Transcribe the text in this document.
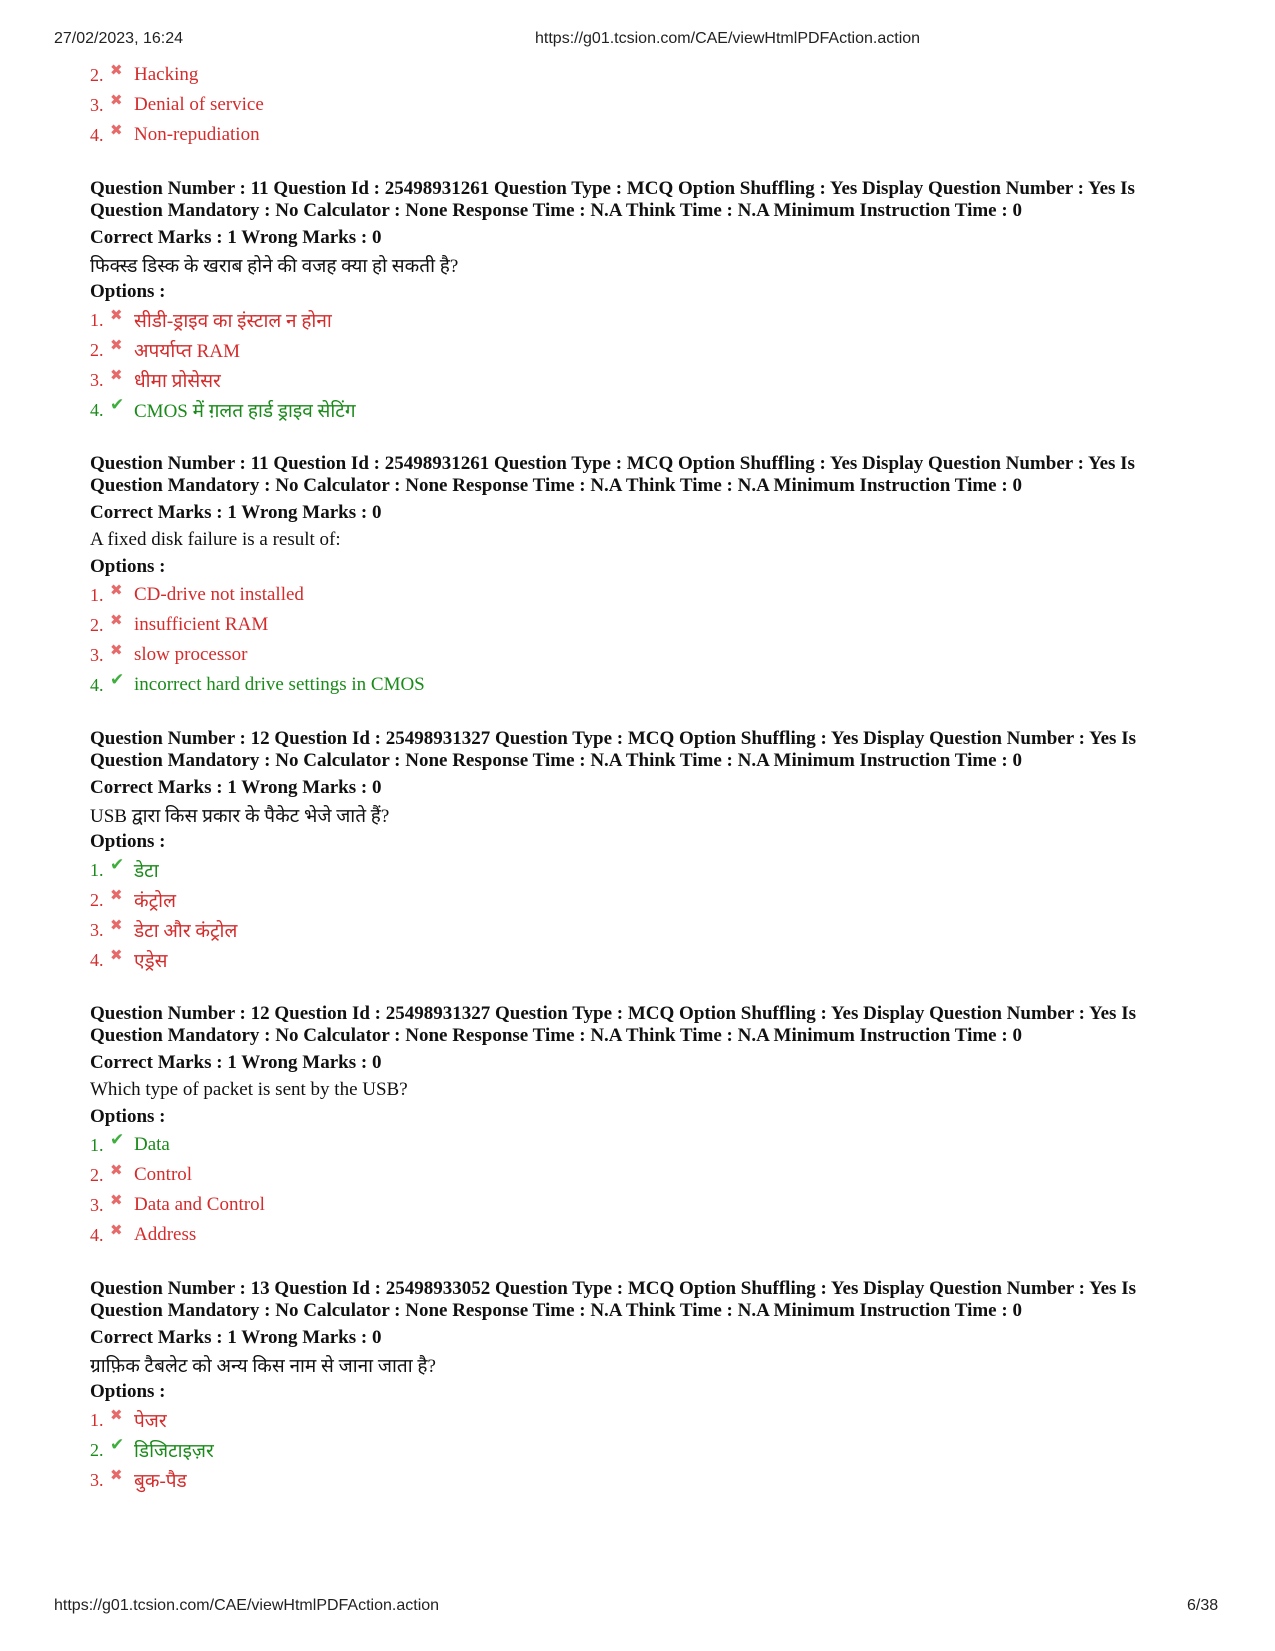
27/02/2023, 16:24	https://g01.tcsion.com/CAE/viewHtmlPDFAction.action
2. ✖ Hacking
3. ✖ Denial of service
4. ✖ Non-repudiation
Question Number : 11 Question Id : 25498931261 Question Type : MCQ Option Shuffling : Yes Display Question Number : Yes Is
Question Mandatory : No Calculator : None Response Time : N.A Think Time : N.A Minimum Instruction Time : 0
Correct Marks : 1 Wrong Marks : 0
फिक्स्ड डिस्क के खराब होने की वजह क्या हो सकती है?
Options :
1. ✖ सीडी-ड्राइव का इंस्टाल न होना
2. ✖ अपर्याप्त RAM
3. ✖ धीमा प्रोसेसर
4. ✔ CMOS में ग़लत हार्ड ड्राइव सेटिंग
Question Number : 11 Question Id : 25498931261 Question Type : MCQ Option Shuffling : Yes Display Question Number : Yes Is
Question Mandatory : No Calculator : None Response Time : N.A Think Time : N.A Minimum Instruction Time : 0
Correct Marks : 1 Wrong Marks : 0
A fixed disk failure is a result of:
Options :
1. ✖ CD-drive not installed
2. ✖ insufficient RAM
3. ✖ slow processor
4. ✔ incorrect hard drive settings in CMOS
Question Number : 12 Question Id : 25498931327 Question Type : MCQ Option Shuffling : Yes Display Question Number : Yes Is
Question Mandatory : No Calculator : None Response Time : N.A Think Time : N.A Minimum Instruction Time : 0
Correct Marks : 1 Wrong Marks : 0
USB द्वारा किस प्रकार के पैकेट भेजे जाते हैं?
Options :
1. ✔ डेटा
2. ✖ कंट्रोल
3. ✖ डेटा और कंट्रोल
4. ✖ एड्रेस
Question Number : 12 Question Id : 25498931327 Question Type : MCQ Option Shuffling : Yes Display Question Number : Yes Is
Question Mandatory : No Calculator : None Response Time : N.A Think Time : N.A Minimum Instruction Time : 0
Correct Marks : 1 Wrong Marks : 0
Which type of packet is sent by the USB?
Options :
1. ✔ Data
2. ✖ Control
3. ✖ Data and Control
4. ✖ Address
Question Number : 13 Question Id : 25498933052 Question Type : MCQ Option Shuffling : Yes Display Question Number : Yes Is
Question Mandatory : No Calculator : None Response Time : N.A Think Time : N.A Minimum Instruction Time : 0
Correct Marks : 1 Wrong Marks : 0
ग्राफ़िक टैबलेट को अन्य किस नाम से जाना जाता है?
Options :
1. ✖ पेजर
2. ✔ डिजिटाइज़र
3. ✖ बुक-पैड
https://g01.tcsion.com/CAE/viewHtmlPDFAction.action	6/38
